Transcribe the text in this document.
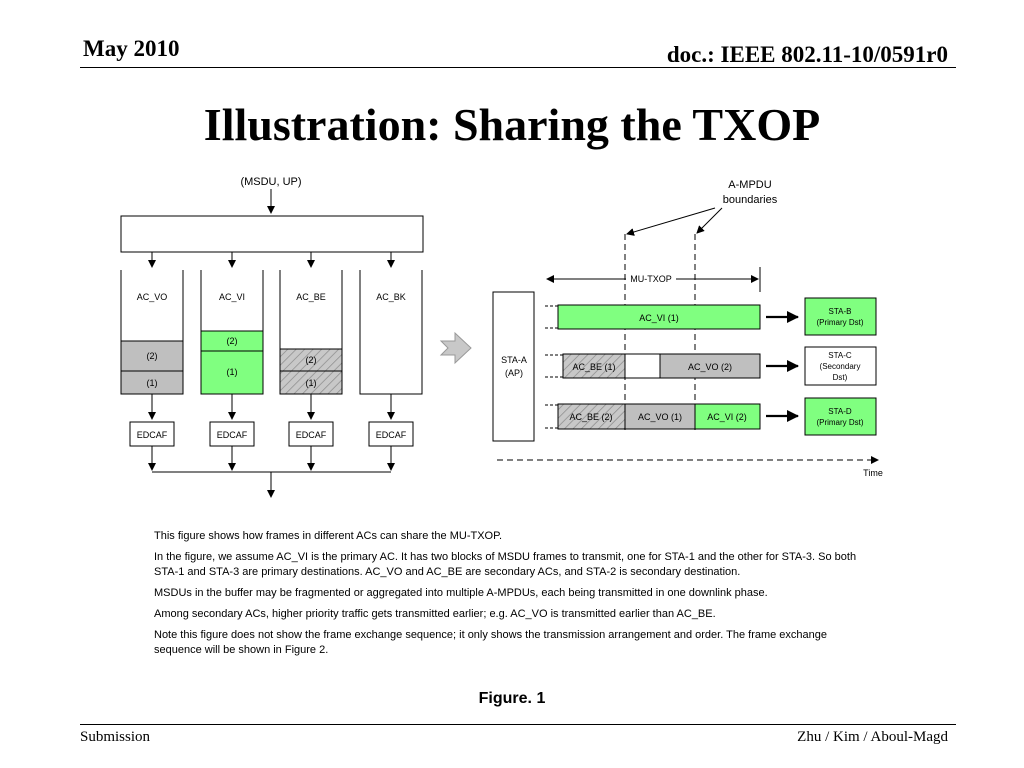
May 2010	doc.: IEEE 802.11-10/0591r0
Illustration: Sharing the TXOP
(MSDU, UP)
AC_VO
(2)
(1)
AC_VI
(2)
(1)
AC_BE
(2)
(1)
AC_BK
EDCAF	EDCAF	EDCAF	EDCAF
A-MPDU
boundaries
MU-TXOP
STA-A
(AP)
AC_VI (1)
STA-B
(Primary Dst)
AC_BE (1)	AC_VO (2)
STA-C
(Secondary
Dst)
AC_BE (2)	AC_VO (1)	AC_VI (2)
STA-D
(Primary Dst)
Time

This figure shows how frames in different ACs can share the MU-TXOP.

In the figure, we assume AC_VI is the primary AC. It has two blocks of MSDU frames to transmit, one for STA-1 and the other for STA-3. So both STA-1 and STA-3 are primary destinations. AC_VO and AC_BE are secondary ACs, and STA-2 is secondary destination.

MSDUs in the buffer may be fragmented or aggregated into multiple A-MPDUs, each being transmitted in one downlink phase.

Among secondary ACs, higher priority traffic gets transmitted earlier; e.g. AC_VO is transmitted earlier than AC_BE.

Note this figure does not show the frame exchange sequence; it only shows the transmission arrangement and order. The frame exchange sequence will be shown in Figure 2.

Figure. 1
Submission	Zhu / Kim / Aboul-Magd
